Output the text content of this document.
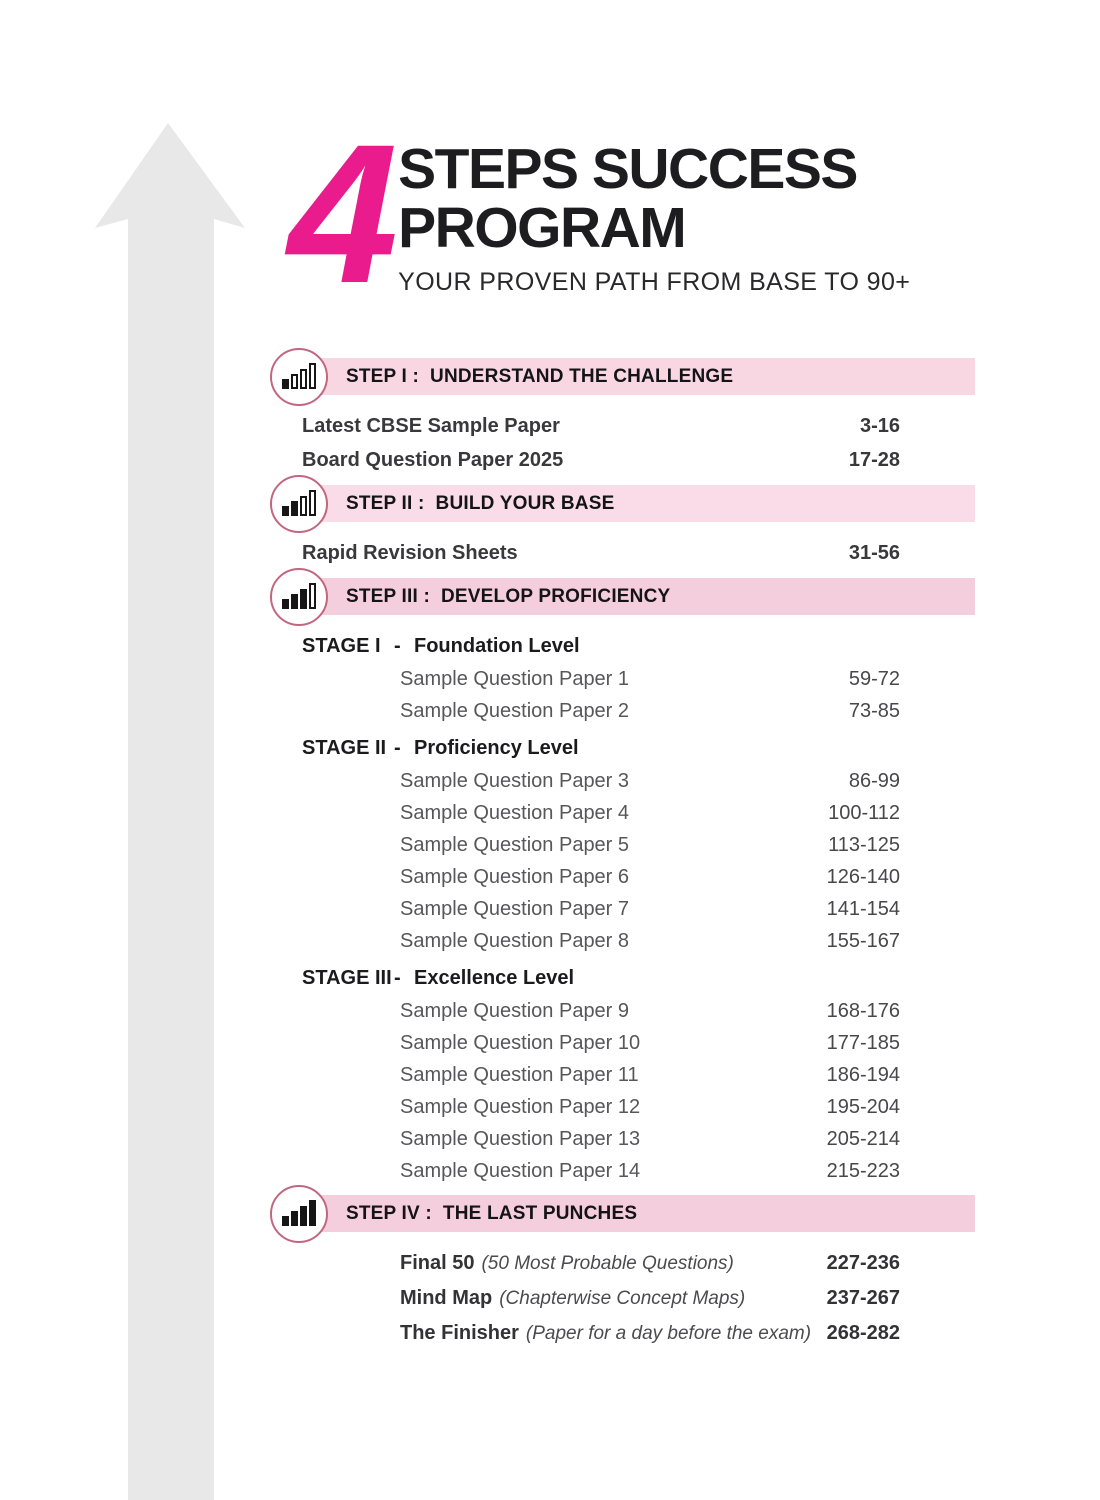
4 STEPS SUCCESS
PROGRAM
YOUR PROVEN PATH FROM BASE TO 90+
STEP I : UNDERSTAND THE CHALLENGE
Latest CBSE Sample Paper	3-16
Board Question Paper 2025	17-28
STEP II : BUILD YOUR BASE
Rapid Revision Sheets	31-56
STEP III : DEVELOP PROFICIENCY
STAGE I - Foundation Level
Sample Question Paper 1	59-72
Sample Question Paper 2	73-85
STAGE II - Proficiency Level
Sample Question Paper 3	86-99
Sample Question Paper 4	100-112
Sample Question Paper 5	113-125
Sample Question Paper 6	126-140
Sample Question Paper 7	141-154
Sample Question Paper 8	155-167
STAGE III - Excellence Level
Sample Question Paper 9	168-176
Sample Question Paper 10	177-185
Sample Question Paper 11	186-194
Sample Question Paper 12	195-204
Sample Question Paper 13	205-214
Sample Question Paper 14	215-223
STEP IV : THE LAST PUNCHES
Final 50 (50 Most Probable Questions)	227-236
Mind Map (Chapterwise Concept Maps)	237-267
The Finisher (Paper for a day before the exam) 268-282
